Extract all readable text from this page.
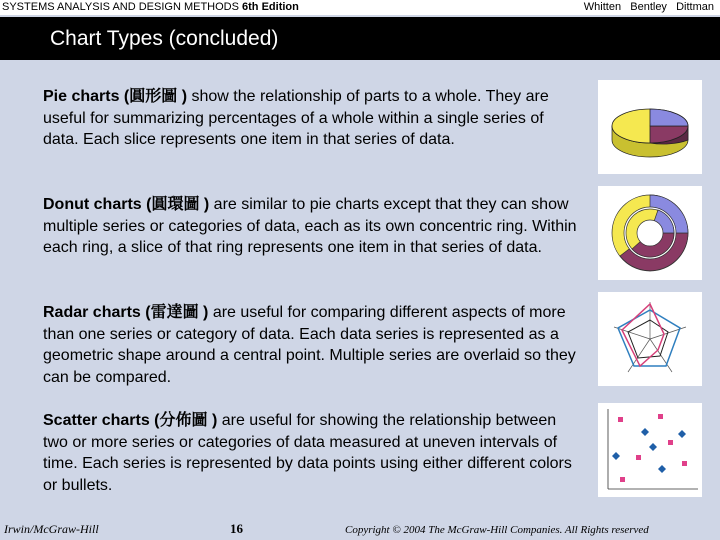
SYSTEMS ANALYSIS AND DESIGN METHODS 6th Edition	Whitten   Bentley   Dittman
Chart Types (concluded)
Pie charts (圓形圖 ) show the relationship of parts to a whole. They are useful for summarizing percentages of a whole within a single series of data. Each slice represents one item in that series of data.
Donut charts (圓環圖 ) are similar to pie charts except that they can show multiple series or categories of data, each as its own concentric ring. Within each ring, a slice of that ring represents one item in that series of data.
Radar charts (雷達圖 ) are useful for comparing different aspects of more than one series or category of data. Each data series is represented as a geometric shape around a central point. Multiple series are overlaid so they can be compared.
Scatter charts (分佈圖 ) are useful for showing the relationship between two or more series or categories of data measured at uneven intervals of time. Each series is represented by data points using either different colors or bullets.
Irwin/McGraw-Hill	16	Copyright © 2004 The McGraw-Hill Companies. All Rights reserved
